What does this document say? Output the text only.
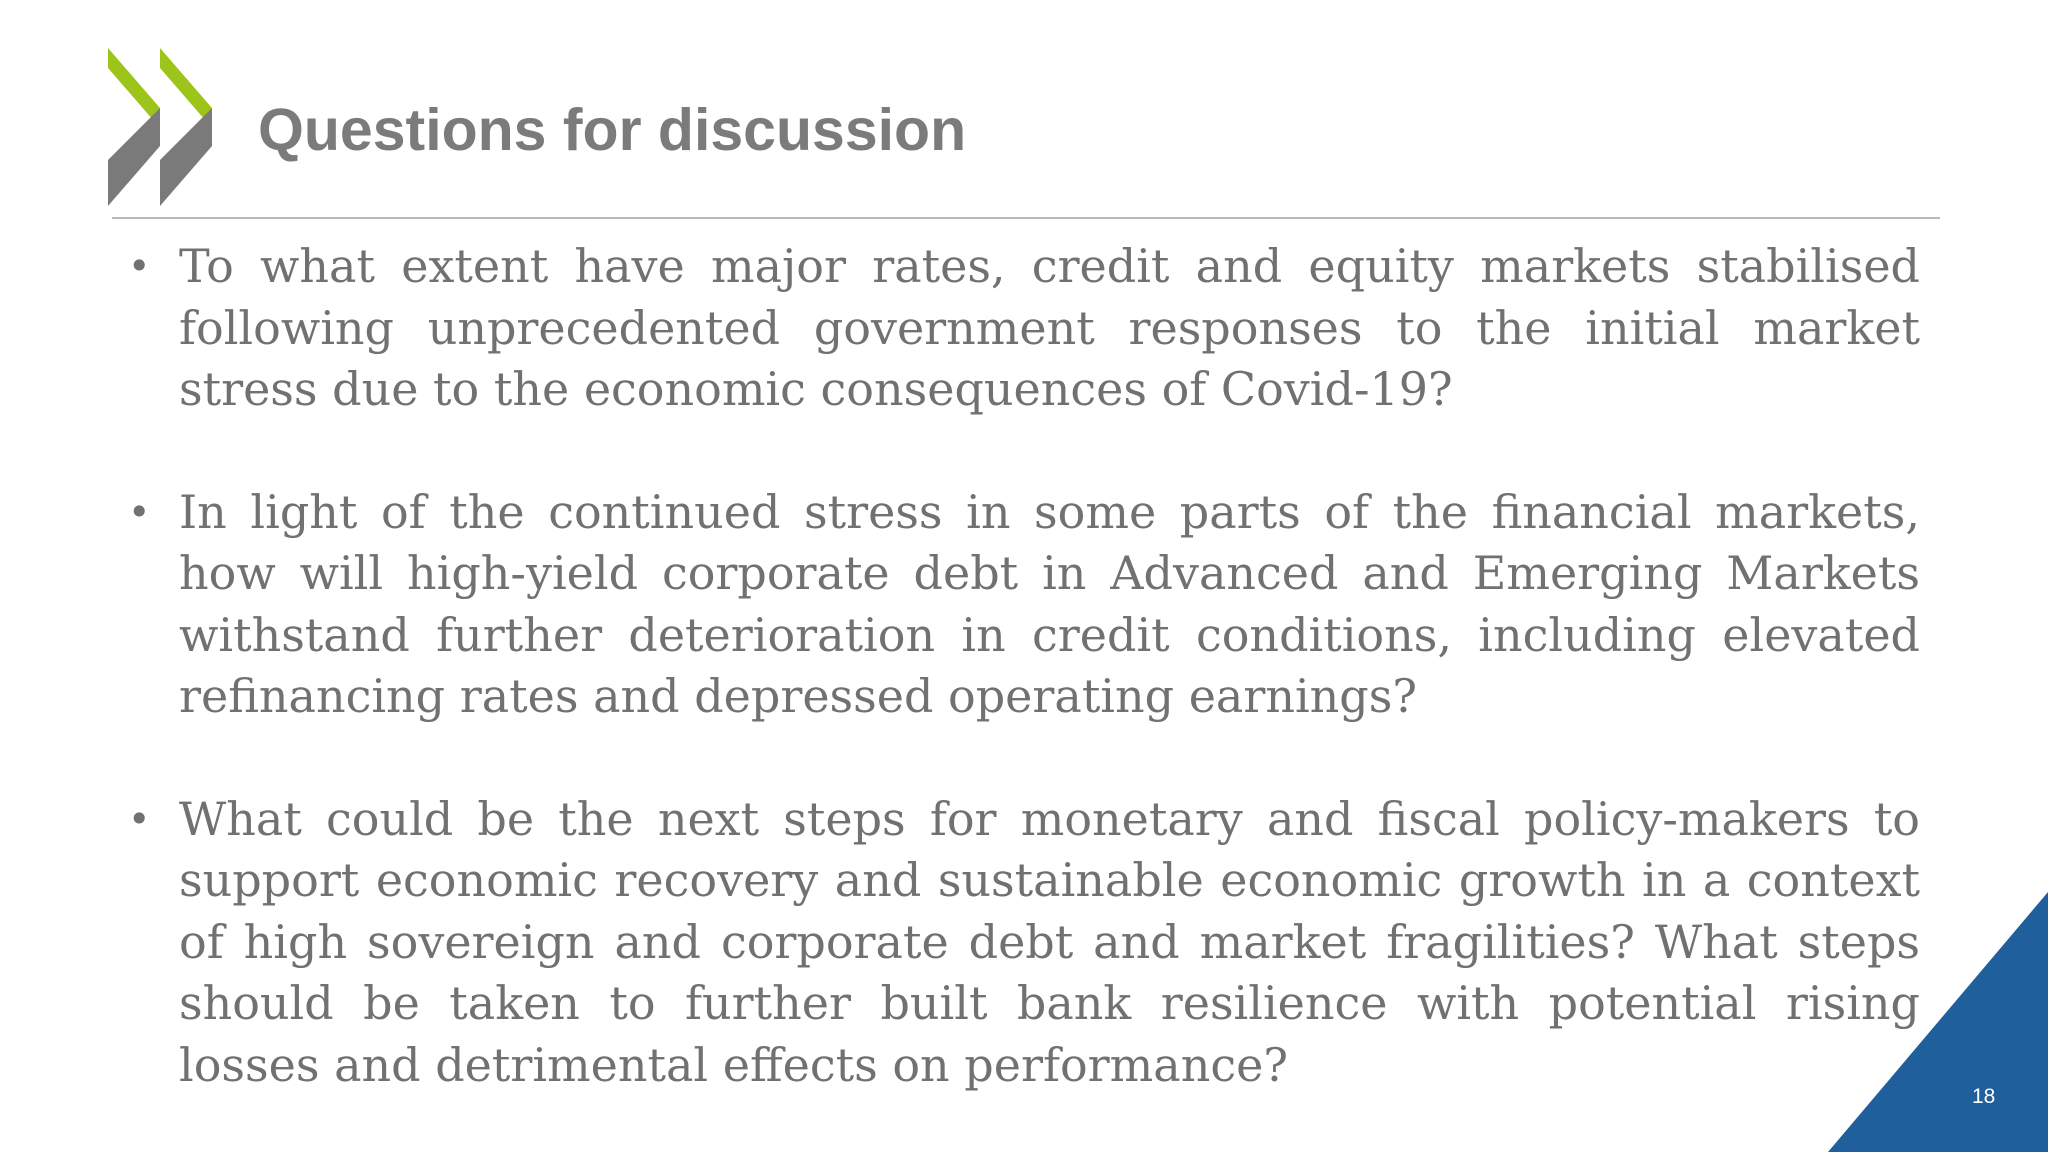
Questions for discussion
• To what extent have major rates, credit and equity markets stabilised following unprecedented government responses to the initial market stress due to the economic consequences of Covid-19?
• In light of the continued stress in some parts of the financial markets, how will high-yield corporate debt in Advanced and Emerging Markets withstand further deterioration in credit conditions, including elevated refinancing rates and depressed operating earnings?
• What could be the next steps for monetary and fiscal policy-makers to support economic recovery and sustainable economic growth in a context of high sovereign and corporate debt and market fragilities? What steps should be taken to further built bank resilience with potential rising losses and detrimental effects on performance?
18
